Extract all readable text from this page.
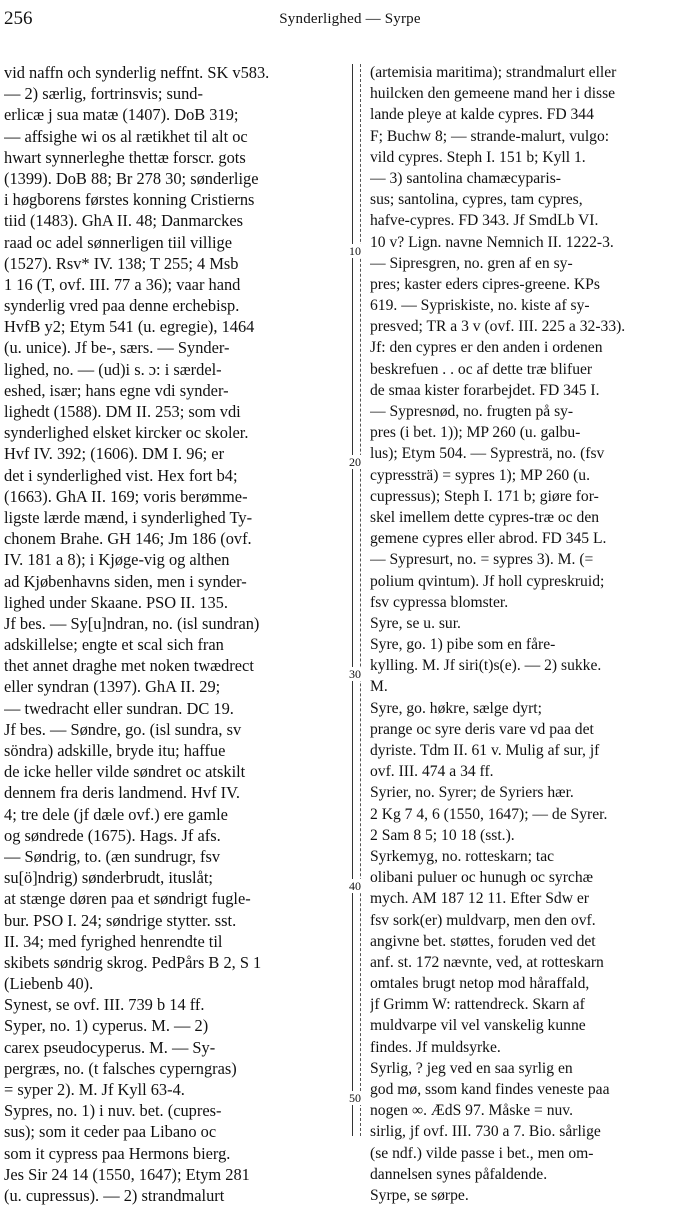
256	Synderlighed — Syrpe
vid naffn och synderlig neffnt. SK v583.
— 2) særlig, fortrinsvis; sund-
erlicæ j sua matæ (1407). DoB 319;
— affsighe wi os al rætikhet til alt oc
hwart synnerleghe thettæ forscr. gots
(1399). DoB 88; Br 278 30; sønderlige
i høgborens førstes konning Cristierns
tiid (1483). GhA II. 48; Danmarckes
raad oc adel sønnerligen tiil villige
(1527). Rsv* IV. 138; T 255; 4 Msb
1 16 (T, ovf. III. 77 a 36); vaar hand
synderlig vred paa denne erchebisp.
HvfB y2; Etym 541 (u. egregie), 1464
(u. unice). Jf be-, særs. — Synder-
lighed, no. — (ud)i s. ɔ: i særdel-
eshed, især; hans egne vdi synder-
lighedt (1588). DM II. 253; som vdi
synderlighed elsket kircker oc skoler.
Hvf IV. 392; (1606). DM I. 96; er
det i synderlighed vist. Hex fort b4;
(1663). GhA II. 169; voris berømme-
ligste lærde mænd, i synderlighed Ty-
chonem Brahe. GH 146; Jm 186 (ovf.
IV. 181 a 8); i Kjøge-vig og althen
ad Kjøbenhavns siden, men i synder-
lighed under Skaane. PSO II. 135.
Jf bes. — Sy[u]ndran, no. (isl sundran)
adskillelse; engte et scal sich fran
thet annet draghe met noken twædrect
eller syndran (1397). GhA II. 29;
— twedracht eller sundran. DC 19.
Jf bes. — Søndre, go. (isl sundra, sv
söndra) adskille, bryde itu; haffue
de icke heller vilde søndret oc atskilt
dennem fra deris landmend. Hvf IV.
4; tre dele (jf dæle ovf.) ere gamle
og søndrede (1675). Hags. Jf afs.
— Søndrig, to. (æn sundrugr, fsv
su[ö]ndrig) sønderbrudt, ituslåt;
at stænge døren paa et søndrigt fugle-
bur. PSO I. 24; søndrige stytter. sst.
II. 34; med fyrighed henrendte til
skibets søndrig skrog. PedPårs B 2, S 1
(Liebenb 40).
Synest, se ovf. III. 739 b 14 ff.
Syper, no. 1) cyperus. M. — 2)
carex pseudocyperus. M. — Sy-
pergræs, no. (t falsches cyperngras)
= syper 2). M. Jf Kyll 63-4.
Sypres, no. 1) i nuv. bet. (cupres-
sus); som it ceder paa Libano oc
som it cypress paa Hermons bierg.
Jes Sir 24 14 (1550, 1647); Etym 281
(u. cupressus). — 2) strandmalurt
(artemisia maritima); strandmalurt eller
huilcken den gemeene mand her i disse
lande pleye at kalde cypres. FD 344
F; Buchw 8; — strande-malurt, vulgo:
vild cypres. Steph I. 151 b; Kyll 1.
— 3) santolina chamæcyparis-
sus; santolina, cypres, tam cypres,
hafve-cypres. FD 343. Jf SmdLb VI.
10 v? Lign. navne Nemnich II. 1222-3.
— Sipresgren, no. gren af en sy-
pres; kaster eders cipres-greene. KPs
619. — Sypriskiste, no. kiste af sy-
presved; TR a 3 v (ovf. III. 225 a 32-33).
Jf: den cypres er den anden i ordenen
beskrefuen . . oc af dette træ blifuer
de smaa kister forarbejdet. FD 345 I.
— Sypresnød, no. frugten på sy-
pres (i bet. 1)); MP 260 (u. galbu-
lus); Etym 504. — Sypresträ, no. (fsv
cypressträ) = sypres 1); MP 260 (u.
cupressus); Steph I. 171 b; giøre for-
skel imellem dette cypres-træ oc den
gemene cypres eller abrod. FD 345 L.
— Sypresurt, no. = sypres 3). M. (=
polium qvintum). Jf holl cypreskruid;
fsv cypressa blomster.
Syre, se u. sur.
Syre, go. 1) pibe som en fåre-
kylling. M. Jf siri(t)s(e). — 2) sukke.
M.
Syre, go. høkre, sælge dyrt;
prange oc syre deris vare vd paa det
dyriste. Tdm II. 61 v. Mulig af sur, jf
ovf. III. 474 a 34 ff.
Syrier, no. Syrer; de Syriers hær.
2 Kg 7 4, 6 (1550, 1647); — de Syrer.
2 Sam 8 5; 10 18 (sst.).
Syrkemyg, no. rotteskarn; tac
olibani puluer oc hunugh oc syrchæ
mych. AM 187 12 11. Efter Sdw er
fsv sork(er) muldvarp, men den ovf.
angivne bet. støttes, foruden ved det
anf. st. 172 nævnte, ved, at rotteskarn
omtales brugt netop mod håraffald,
jf Grimm W: rattendreck. Skarn af
muldvarpe vil vel vanskelig kunne
findes. Jf muldsyrke.
Syrlig, ? jeg ved en saa syrlig en
god mø, ssom kand findes veneste paa
nogen ∞. ÆdS 97. Måske = nuv.
sirlig, jf ovf. III. 730 a 7. Bio. sårlige
(se ndf.) vilde passe i bet., men om-
dannelsen synes påfaldende.
Syrpe, se sørpe.
10
20
30
40
50
